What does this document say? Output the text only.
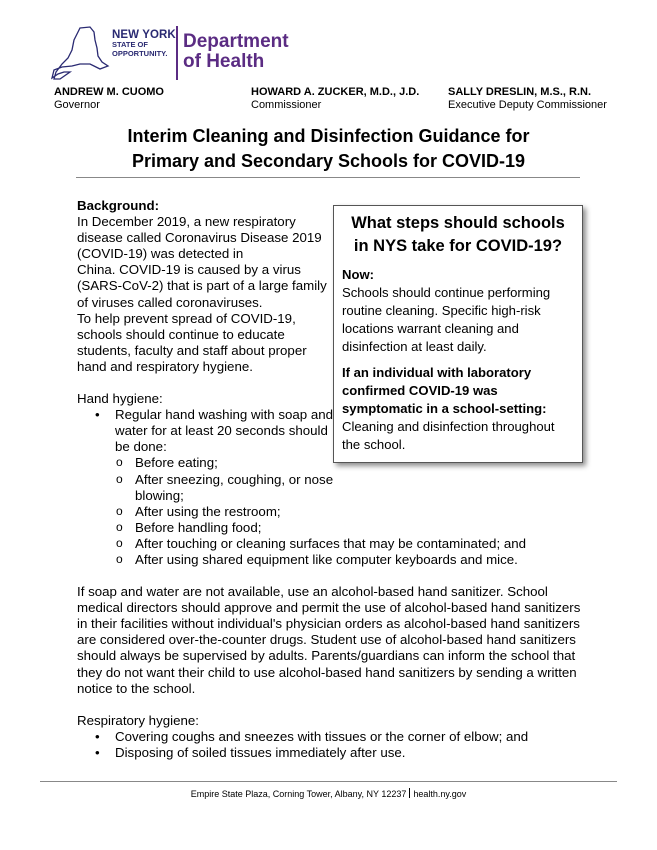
NEW YORK
STATE OF
OPPORTUNITY.
Department
of Health
ANDREW M. CUOMO
Governor
HOWARD A. ZUCKER, M.D., J.D.
Commissioner
SALLY DRESLIN, M.S., R.N.
Executive Deputy Commissioner
Interim Cleaning and Disinfection Guidance for
Primary and Secondary Schools for COVID-19
What steps should schools in NYS take for COVID-19?
Now:
Schools should continue performing routine cleaning. Specific high-risk locations warrant cleaning and disinfection at least daily.
If an individual with laboratory confirmed COVID-19 was symptomatic in a school-setting:
Cleaning and disinfection throughout the school.
Background:
In December 2019, a new respiratory
disease called Coronavirus Disease 2019
(COVID-19) was detected in
China. COVID-19 is caused by a virus
(SARS-CoV-2) that is part of a large family
of viruses called coronaviruses.
To help prevent spread of COVID-19,
schools should continue to educate
students, faculty and staff about proper
hand and respiratory hygiene.
Hand hygiene:
• Regular hand washing with soap and water for at least 20 seconds should be done:
o Before eating;
o After sneezing, coughing, or nose blowing;
o After using the restroom;
o Before handling food;
o After touching or cleaning surfaces that may be contaminated; and
o After using shared equipment like computer keyboards and mice.
If soap and water are not available, use an alcohol-based hand sanitizer. School medical directors should approve and permit the use of alcohol-based hand sanitizers in their facilities without individual's physician orders as alcohol-based hand sanitizers are considered over-the-counter drugs. Student use of alcohol-based hand sanitizers should always be supervised by adults. Parents/guardians can inform the school that they do not want their child to use alcohol-based hand sanitizers by sending a written notice to the school.
Respiratory hygiene:
• Covering coughs and sneezes with tissues or the corner of elbow; and
• Disposing of soiled tissues immediately after use.
Empire State Plaza, Corning Tower, Albany, NY 12237 health.ny.gov
